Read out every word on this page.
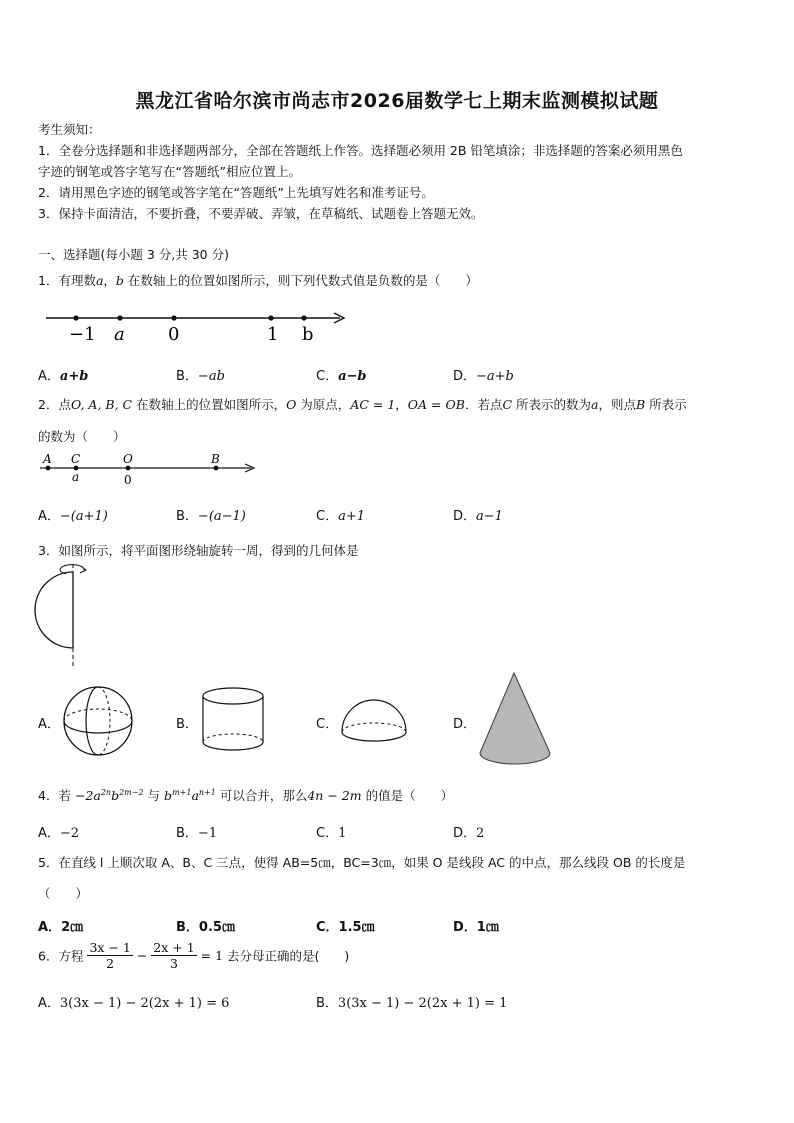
黑龙江省哈尔滨市尚志市2026届数学七上期末监测模拟试题
考生须知：
1．全卷分选择题和非选择题两部分，全部在答题纸上作答。选择题必须用 2B 铅笔填涂；非选择题的答案必须用黑色
字迹的钢笔或答字笔写在“答题纸”相应位置上。
2．请用黑色字迹的钢笔或答字笔在“答题纸”上先填写姓名和准考证号。
3．保持卡面清洁，不要折叠，不要弄破、弄皱，在草稿纸、试题卷上答题无效。
一、选择题(每小题 3 分,共 30 分)
1．有理数a，b 在数轴上的位置如图所示，则下列代数式值是负数的是（　　）
−1 a 0	1 b
A．a+b	B．−ab	C．a−b	D．−a+b
2．点O, A, B, C 在数轴上的位置如图所示，O 为原点，AC = 1，OA = OB．若点C 所表示的数为a，则点B 所表示
的数为（　　）
A C	O	B
a	0
A．−(a+1)	B．−(a−1)	C．a+1	D．a−1
3．如图所示，将平面图形绕轴旋转一周，得到的几何体是
A．	B．	C．	D．
4．若 $-2a^{2n}b^{2m-2}$ 与 $b^{m+1}a^{n+1}$ 可以合并，那么4n − 2m 的值是（　　）
A．−2	B．−1	C．1	D．2
5．在直线 l 上顺次取 A、B、C 三点，使得 AB=5㎝，BC=3㎝，如果 O 是线段 AC 的中点，那么线段 OB 的长度是
（　　）
A．2㎝	B．0.5㎝	C．1.5㎝	D．1㎝
6．方程 $\frac{3x - 1}{2} - \frac{2x + 1}{3} = 1$ 去分母正确的是(　　)
A．3(3x − 1) − 2(2x + 1) = 6	B．3(3x − 1) − 2(2x + 1) = 1
